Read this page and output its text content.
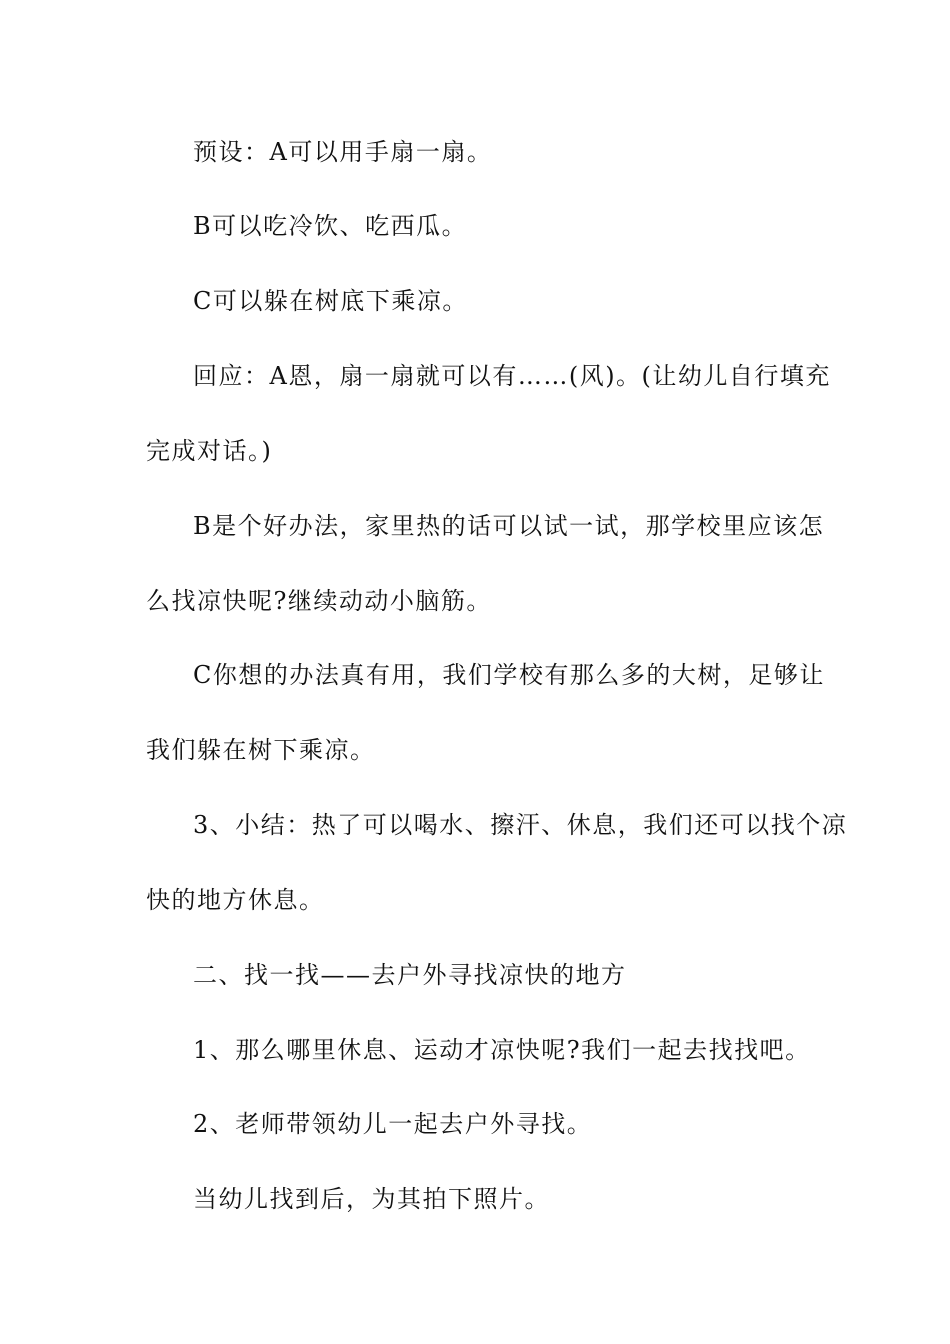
预设：A可以用手扇一扇。
B可以吃冷饮、吃西瓜。
C可以躲在树底下乘凉。
回应：A恩，扇一扇就可以有……(风)。(让幼儿自行填充
完成对话。)
B是个好办法，家里热的话可以试一试，那学校里应该怎
么找凉快呢?继续动动小脑筋。
C你想的办法真有用，我们学校有那么多的大树，足够让
我们躲在树下乘凉。
3、小结：热了可以喝水、擦汗、休息，我们还可以找个凉
快的地方休息。
二、找一找——去户外寻找凉快的地方
1、那么哪里休息、运动才凉快呢?我们一起去找找吧。
2、老师带领幼儿一起去户外寻找。
当幼儿找到后，为其拍下照片。
